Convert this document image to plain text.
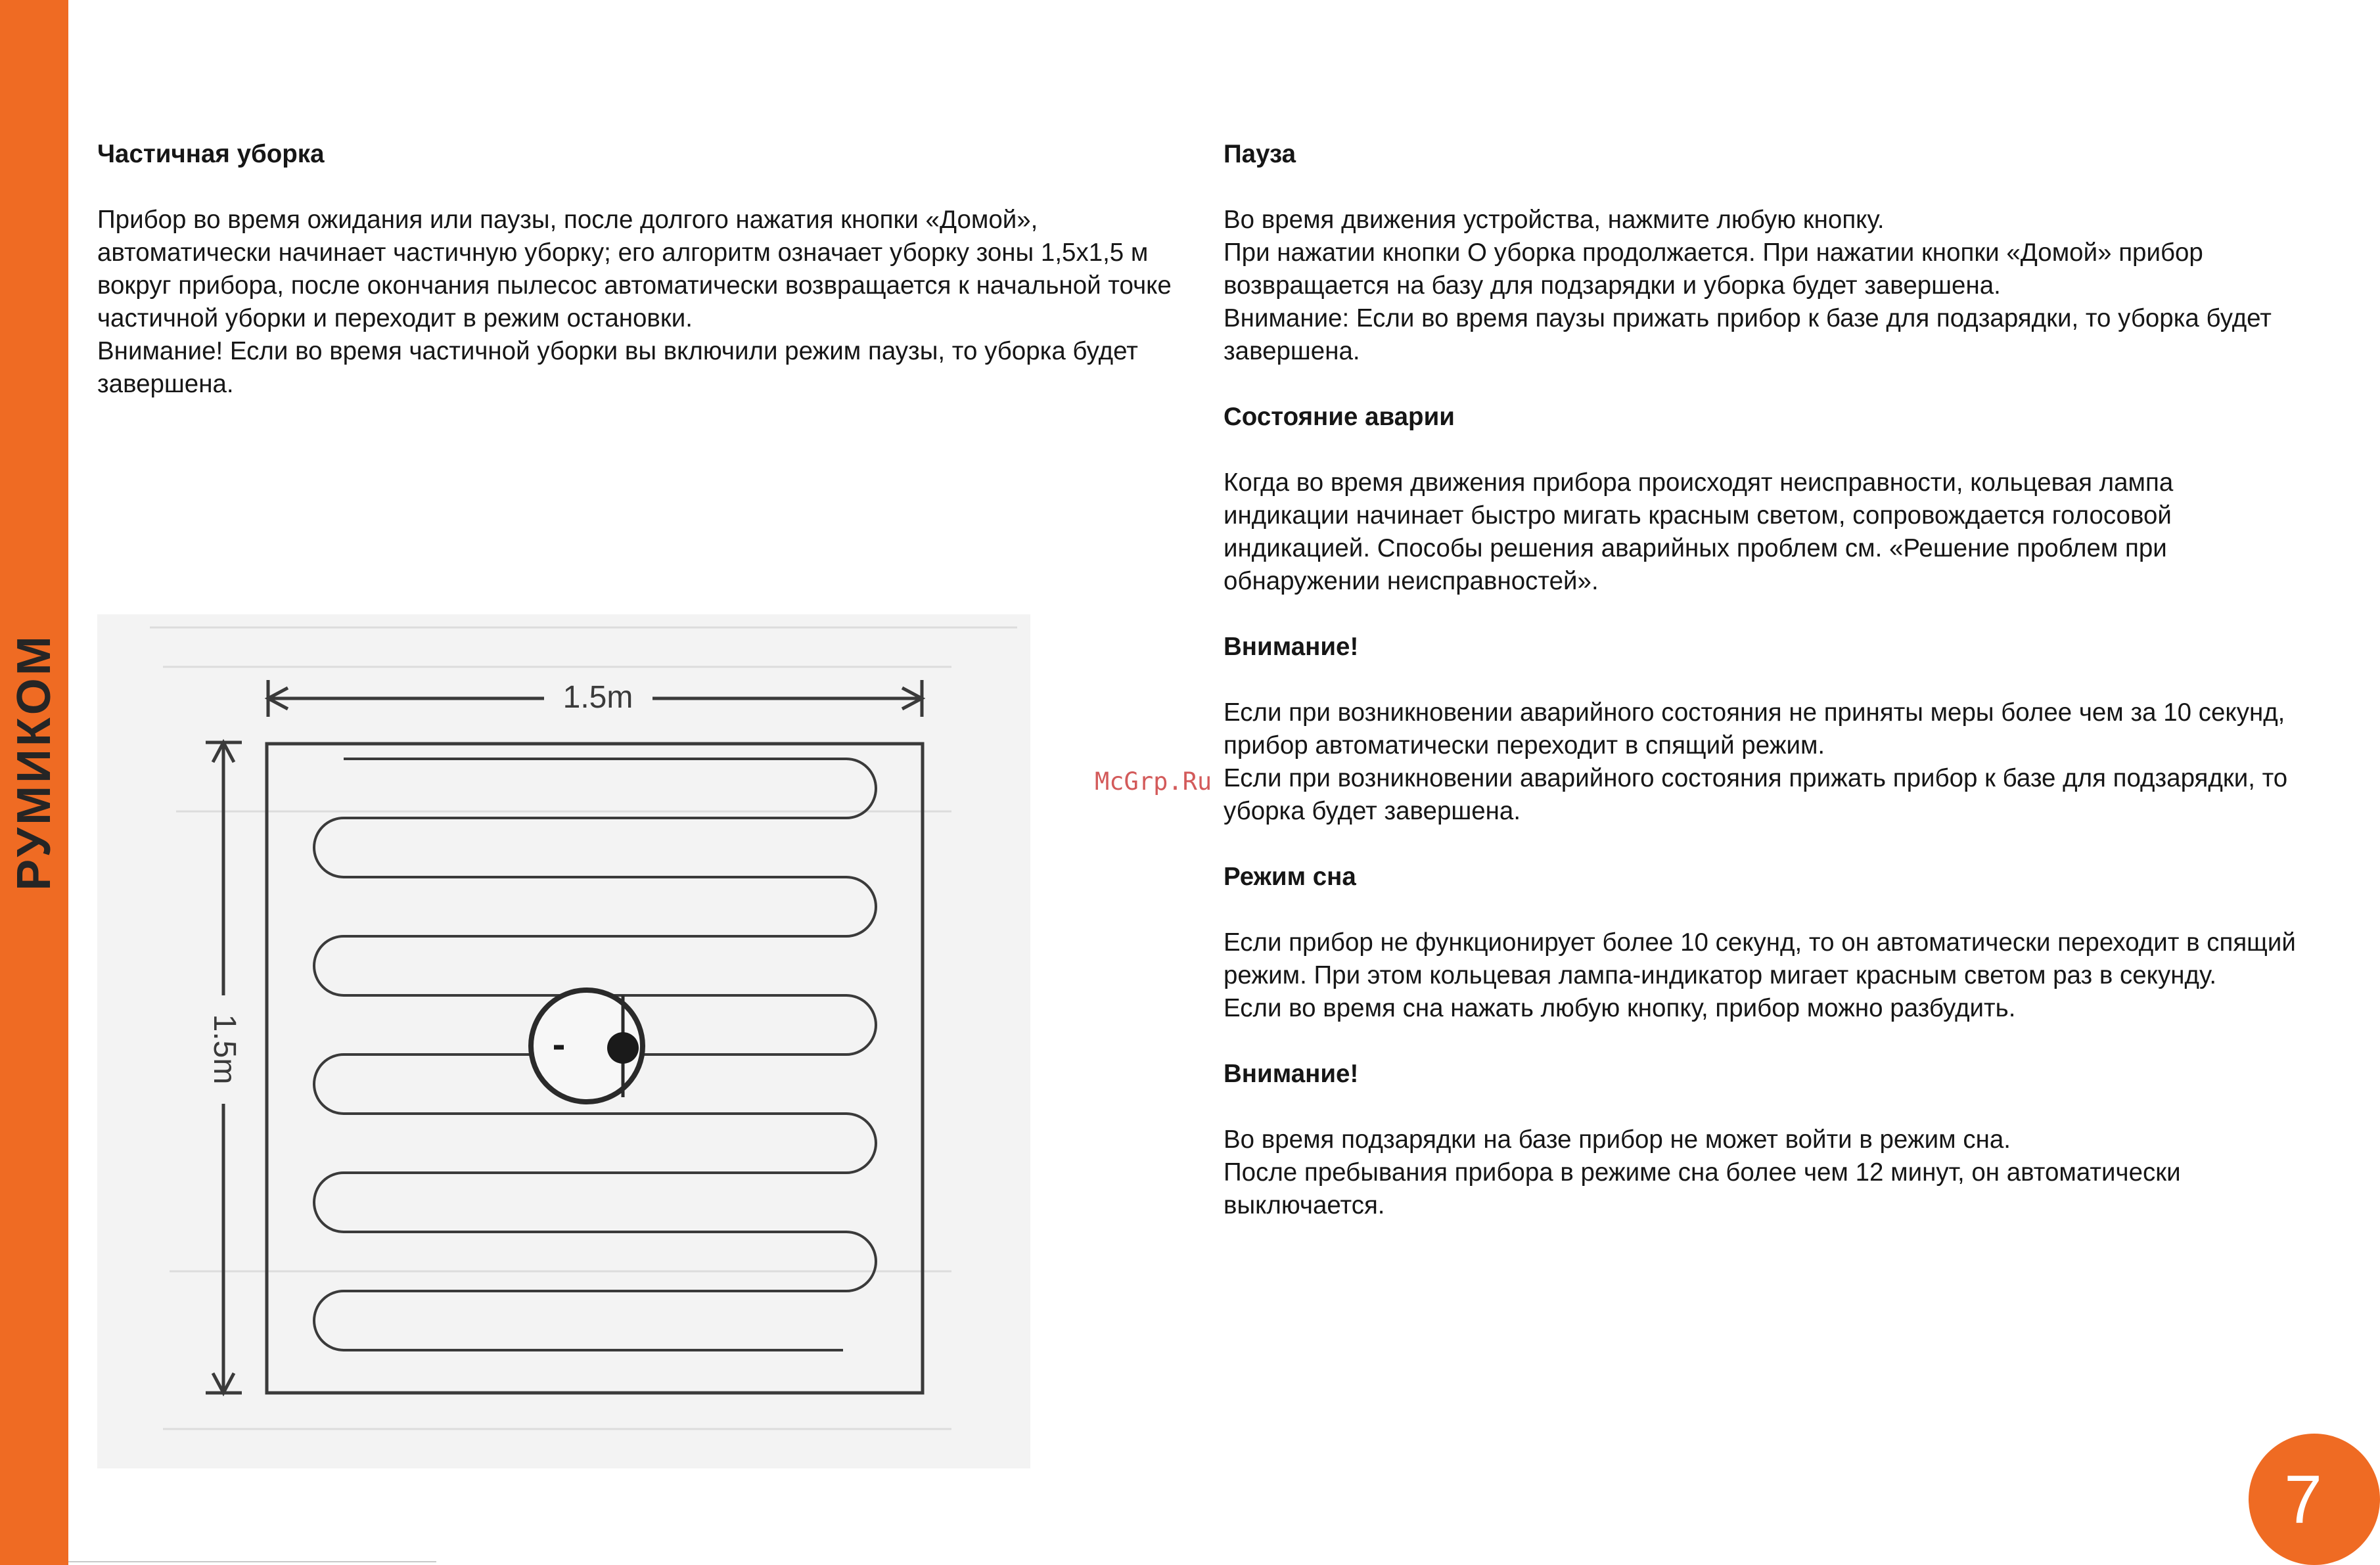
РУМИКОМ
Частичная уборка
Прибор во время ожидания или паузы, после долгого нажатия кнопки «Домой», автоматически начинает частичную уборку; его алгоритм означает уборку зоны 1,5х1,5 м вокруг прибора, после окончания пылесос автоматически возвращается к начальной точке частичной уборки и переходит в режим остановки.
Внимание! Если во время частичной уборки вы включили режим паузы, то уборка будет завершена.
1.5m
1.5m
Пауза

Во время движения устройства, нажмите любую кнопку.
При нажатии кнопки О уборка продолжается. При нажатии кнопки «Домой» прибор возвращается на базу для подзарядки и уборка будет завершена.
Внимание: Если во время паузы прижать прибор к базе для подзарядки, то уборка будет завершена.

Состояние аварии

Когда во время движения прибора происходят неисправности, кольцевая лампа индикации начинает быстро мигать красным светом, сопровождается голосовой индикацией. Способы решения аварийных проблем см. «Решение проблем при обнаружении неисправностей».

Внимание!

Если при возникновении аварийного состояния не приняты меры более чем за 10 секунд, прибор автоматически переходит в спящий режим.
Если при возникновении аварийного состояния прижать прибор к базе для подзарядки, то уборка будет завершена.

Режим сна

Если прибор не функционирует более 10 секунд, то он автоматически переходит в спящий режим. При этом кольцевая лампа-индикатор мигает красным светом раз в секунду.
Если во время сна нажать любую кнопку, прибор можно разбудить.

Внимание!

Во время подзарядки на базе прибор не может войти в режим сна.
После пребывания прибора в режиме сна более чем 12 минут, он автоматически выключается.

McGrp.Ru
7
